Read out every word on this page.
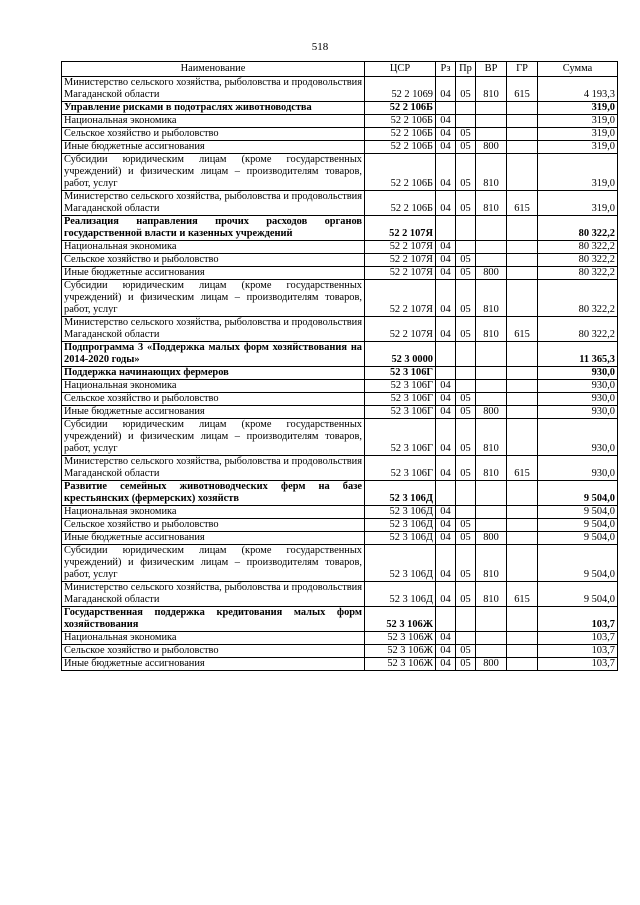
518
Наименование	ЦСР	Рз	Пр	ВР	ГР	Сумма
Министерство сельского хозяйства, рыболовства и продовольствия Магаданской области	52 2 1069	04	05	810	615	4 193,3
Управление рисками в подотраслях животноводства	52 2 106Б					319,0
Национальная экономика	52 2 106Б	04				319,0
Сельское хозяйство и рыболовство	52 2 106Б	04	05			319,0
Иные бюджетные ассигнования	52 2 106Б	04	05	800		319,0
Субсидии юридическим лицам (кроме государственных учреждений) и физическим лицам – производителям товаров, работ, услуг	52 2 106Б	04	05	810		319,0
Министерство сельского хозяйства, рыболовства и продовольствия Магаданской области	52 2 106Б	04	05	810	615	319,0
Реализация направления прочих расходов органов государственной власти и казенных учреждений	52 2 107Я					80 322,2
Национальная экономика	52 2 107Я	04				80 322,2
Сельское хозяйство и рыболовство	52 2 107Я	04	05			80 322,2
Иные бюджетные ассигнования	52 2 107Я	04	05	800		80 322,2
Субсидии юридическим лицам (кроме государственных учреждений) и физическим лицам – производителям товаров, работ, услуг	52 2 107Я	04	05	810		80 322,2
Министерство сельского хозяйства, рыболовства и продовольствия Магаданской области	52 2 107Я	04	05	810	615	80 322,2
Подпрограмма 3 «Поддержка малых форм хозяйствования на 2014-2020 годы»	52 3 0000					11 365,3
Поддержка начинающих фермеров	52 3 106Г					930,0
Национальная экономика	52 3 106Г	04				930,0
Сельское хозяйство и рыболовство	52 3 106Г	04	05			930,0
Иные бюджетные ассигнования	52 3 106Г	04	05	800		930,0
Субсидии юридическим лицам (кроме государственных учреждений) и физическим лицам – производителям товаров, работ, услуг	52 3 106Г	04	05	810		930,0
Министерство сельского хозяйства, рыболовства и продовольствия Магаданской области	52 3 106Г	04	05	810	615	930,0
Развитие семейных животноводческих ферм на базе крестьянских (фермерских) хозяйств	52 3 106Д					9 504,0
Национальная экономика	52 3 106Д	04				9 504,0
Сельское хозяйство и рыболовство	52 3 106Д	04	05			9 504,0
Иные бюджетные ассигнования	52 3 106Д	04	05	800		9 504,0
Субсидии юридическим лицам (кроме государственных учреждений) и физическим лицам – производителям товаров, работ, услуг	52 3 106Д	04	05	810		9 504,0
Министерство сельского хозяйства, рыболовства и продовольствия Магаданской области	52 3 106Д	04	05	810	615	9 504,0
Государственная поддержка кредитования малых форм хозяйствования	52 3 106Ж					103,7
Национальная экономика	52 3 106Ж	04				103,7
Сельское хозяйство и рыболовство	52 3 106Ж	04	05			103,7
Иные бюджетные ассигнования	52 3 106Ж	04	05	800		103,7
